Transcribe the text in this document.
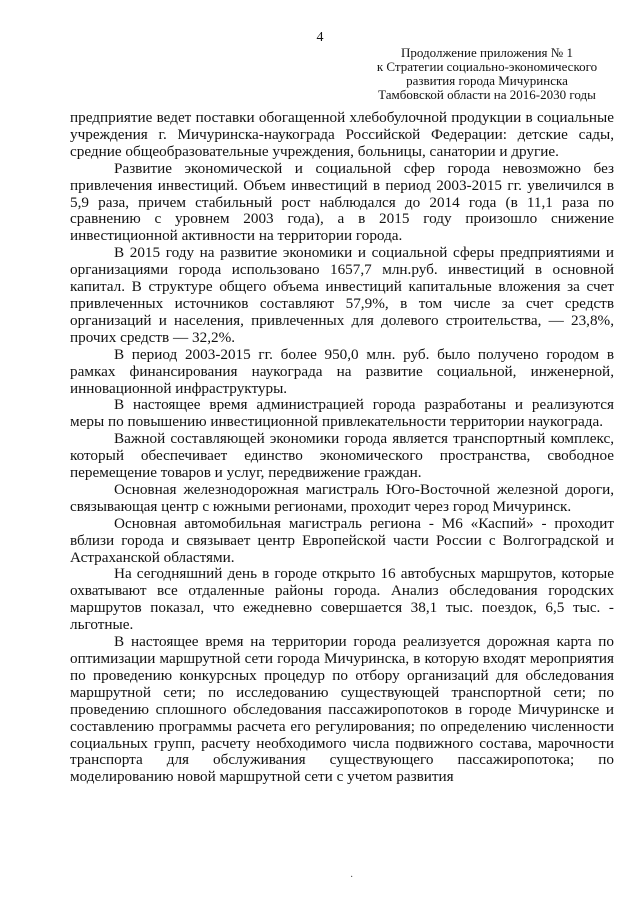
4
Продолжение приложения № 1
к Стратегии социально-экономического
развития города Мичуринска
Тамбовской области на 2016-2030 годы

предприятие ведет поставки обогащенной хлебобулочной продукции в социальные учреждения г. Мичуринска-наукограда Российской Федерации: детские сады, средние общеобразовательные учреждения, больницы, санатории и другие.

Развитие экономической и социальной сфер города невозможно без привлечения инвестиций. Объем инвестиций в период 2003-2015 гг. увеличился в 5,9 раза, причем стабильный рост наблюдался до 2014 года (в 11,1 раза по сравнению с уровнем 2003 года), а в 2015 году произошло снижение инвестиционной активности на территории города.

В 2015 году на развитие экономики и социальной сферы предприятиями и организациями города использовано 1657,7 млн.руб. инвестиций в основной капитал. В структуре общего объема инвестиций капитальные вложения за счет привлеченных источников составляют 57,9%, в том числе за счет средств организаций и населения, привлеченных для долевого строительства, — 23,8%, прочих средств — 32,2%.

В период 2003-2015 гг. более 950,0 млн. руб. было получено городом в рамках финансирования наукограда на развитие социальной, инженерной, инновационной инфраструктуры.

В настоящее время администрацией города разработаны и реализуются меры по повышению инвестиционной привлекательности территории наукограда.

Важной составляющей экономики города является транспортный комплекс, который обеспечивает единство экономического пространства, свободное перемещение товаров и услуг, передвижение граждан.

Основная железнодорожная магистраль Юго-Восточной железной дороги, связывающая центр с южными регионами, проходит через город Мичуринск.

Основная автомобильная магистраль региона - М6 «Каспий» - проходит вблизи города и связывает центр Европейской части России с Волгоградской и Астраханской областями.

На сегодняшний день в городе открыто 16 автобусных маршрутов, которые охватывают все отдаленные районы города. Анализ обследования городских маршрутов показал, что ежедневно совершается 38,1 тыс. поездок, 6,5 тыс. - льготные.

В настоящее время на территории города реализуется дорожная карта по оптимизации маршрутной сети города Мичуринска, в которую входят мероприятия по проведению конкурсных процедур по отбору организаций для обследования маршрутной сети; по исследованию существующей транспортной сети; по проведению сплошного обследования пассажиропотоков в городе Мичуринске и составлению программы расчета его регулирования; по определению численности социальных групп, расчету необходимого числа подвижного состава, марочности транспорта для обслуживания существующего пассажиропотока; по моделированию новой маршрутной сети с учетом развития

·
